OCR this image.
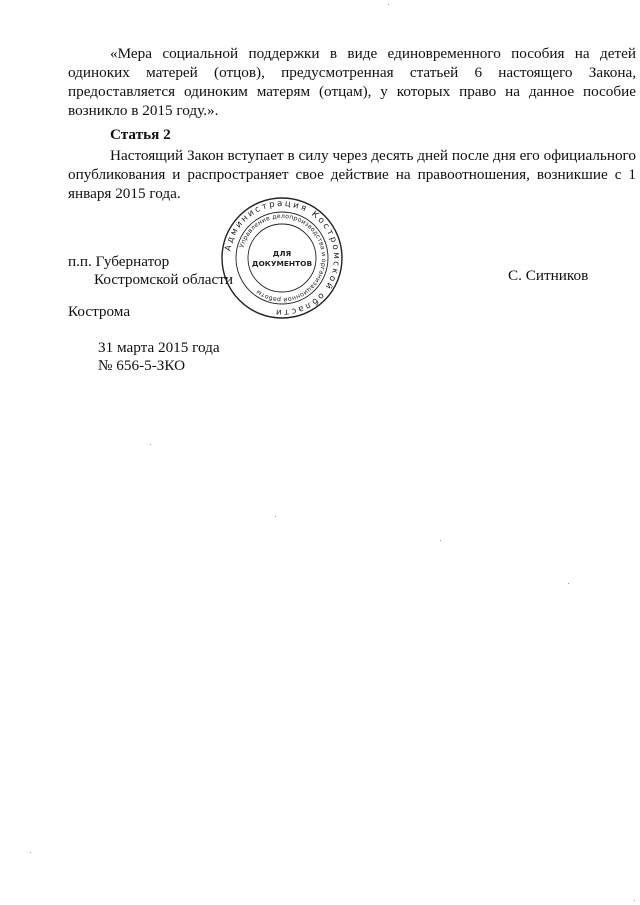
«Мера социальной поддержки в виде единовременного пособия на детей одиноких матерей (отцов), предусмотренная статьей 6 настоящего Закона, предоставляется одиноким матерям (отцам), у которых право на данное пособие возникло в 2015 году.».

Статья 2

Настоящий Закон вступает в силу через десять дней после дня его официального опубликования и распространяет свое действие на правоотношения, возникшие с 1 января 2015 года.

п.п. Губернатор

Костромской области	С. Ситников

Администрация Костромской области
Управление делопроизводства и организационной работы
ДЛЯ
ДОКУМЕНТОВ

Кострома

31 марта 2015 года

№ 656-5-ЗКО
